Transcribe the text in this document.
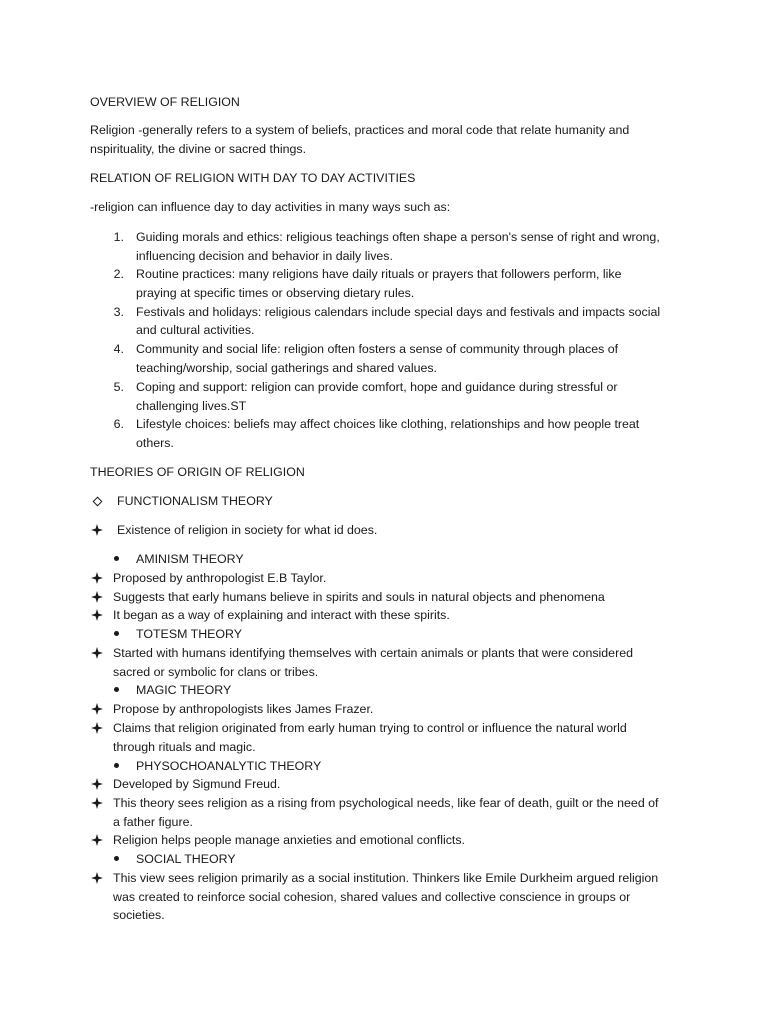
OVERVIEW OF RELIGION
Religion -generally refers to a system of beliefs, practices and moral code that relate humanity and nspirituality, the divine or sacred things.
RELATION OF RELIGION WITH DAY TO DAY ACTIVITIES
-religion can influence day to day activities in many ways such as:
1. Guiding morals and ethics: religious teachings often shape a person's sense of right and wrong,
influencing decision and behavior in daily lives.
2. Routine practices: many religions have daily rituals or prayers that followers perform, like
praying at specific times or observing dietary rules.
3. Festivals and holidays: religious calendars include special days and festivals and impacts social
and cultural activities.
4. Community and social life: religion often fosters a sense of community through places of
teaching/worship, social gatherings and shared values.
5. Coping and support: religion can provide comfort, hope and guidance during stressful or
challenging lives.ST
6. Lifestyle choices: beliefs may affect choices like clothing, relationships and how people treat
others.
THEORIES OF ORIGIN OF RELIGION
FUNCTIONALISM THEORY
Existence of religion in society for what id does.
AMINISM THEORY
Proposed by anthropologist E.B Taylor.
Suggests that early humans believe in spirits and souls in natural objects and phenomena
It began as a way of explaining and interact with these spirits.
TOTESM THEORY
Started with humans identifying themselves with certain animals or plants that were considered
sacred or symbolic for clans or tribes.
MAGIC THEORY
Propose by anthropologists likes James Frazer.
Claims that religion originated from early human trying to control or influence the natural world
through rituals and magic.
PHYSOCHOANALYTIC THEORY
Developed by Sigmund Freud.
This theory sees religion as a rising from psychological needs, like fear of death, guilt or the need of
a father figure.
Religion helps people manage anxieties and emotional conflicts.
SOCIAL THEORY
This view sees religion primarily as a social institution. Thinkers like Emile Durkheim argued religion
was created to reinforce social cohesion, shared values and collective conscience in groups or
societies.
